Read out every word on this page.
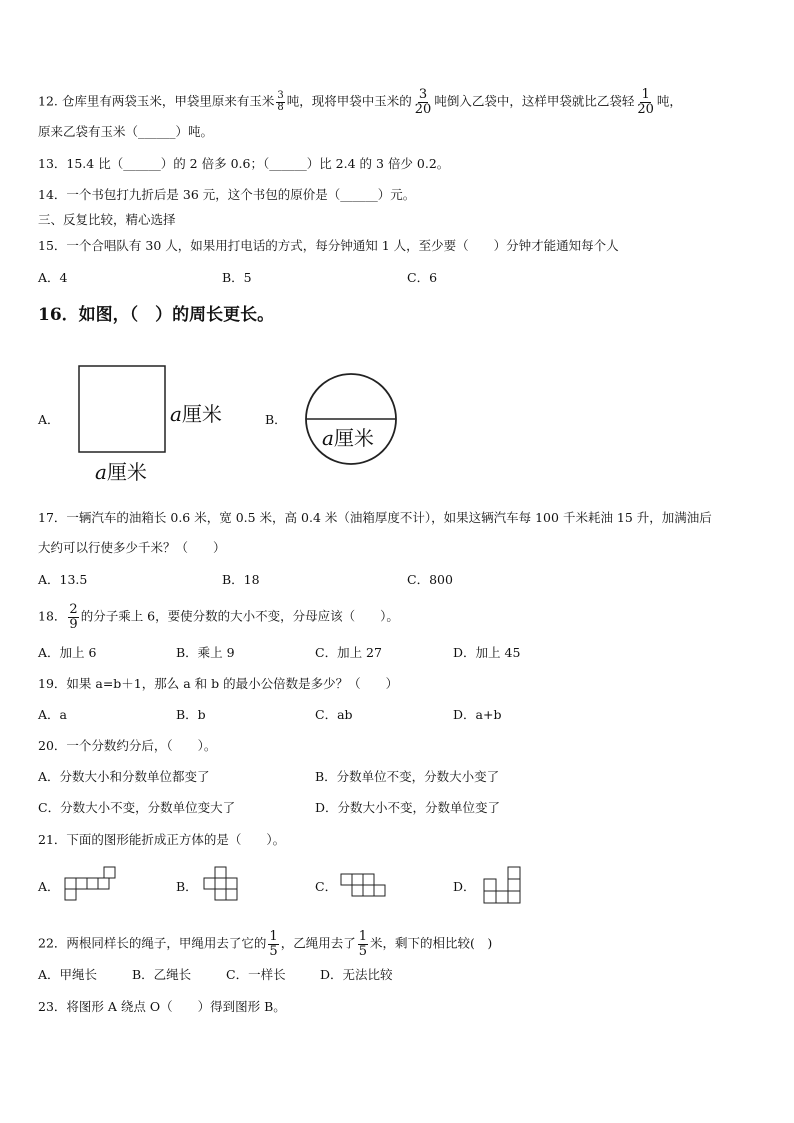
12. 仓库里有两袋玉米，甲袋里原来有玉米 $\frac{3}{8}$ 吨，现将甲袋中玉米的 $\frac{3}{20}$ 吨倒入乙袋中，这样甲袋就比乙袋轻 $\frac{1}{20}$ 吨，
原来乙袋有玉米（______）吨。
13．15.4 比（______）的 2 倍多 0.6；（______）比 2.4 的 3 倍少 0.2。
14．一个书包打九折后是 36 元，这个书包的原价是（______）元。
三、反复比较，精心选择
15．一个合唱队有 30 人，如果用打电话的方式，每分钟通知 1 人，至少要（　　）分钟才能通知每个人
A．4	B．5	C．6
16．如图，（　）的周长更长。
A．	a厘米
a厘米
B．
a厘米
17．一辆汽车的油箱长 0.6 米，宽 0.5 米，高 0.4 米（油箱厚度不计），如果这辆汽车每 100 千米耗油 15 升，加满油后
大约可以行使多少千米？（　　）
A．13.5	B．18	C．800
18． $\frac{2}{9}$ 的分子乘上 6，要使分数的大小不变，分母应该（　　）。
A．加上 6	B．乘上 9	C．加上 27	D．加上 45
19．如果 a=b＋1，那么 a 和 b 的最小公倍数是多少？（　　）
A．a	B．b	C．ab	D．a+b
20．一个分数约分后，（　　）。
A．分数大小和分数单位都变了	B．分数单位不变，分数大小变了
C．分数大小不变，分数单位变大了	D．分数大小不变，分数单位变了
21．下面的图形能折成正方体的是（　　）。
A．	B．	C．	D．
22．两根同样长的绳子，甲绳用去了它的 $\frac{1}{5}$ ，乙绳用去了 $\frac{1}{5}$ 米，剩下的相比较(　)
A．甲绳长	B．乙绳长	C．一样长	D．无法比较
23．将图形 A 绕点 O（　　）得到图形 B。
